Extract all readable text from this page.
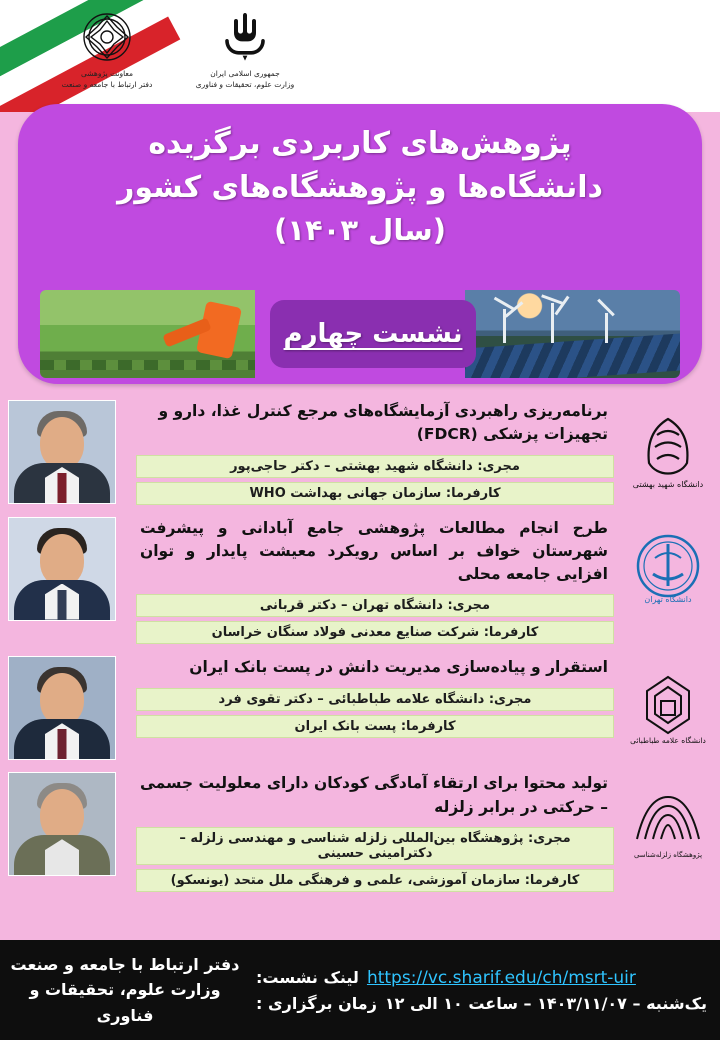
جمهوری اسلامی ایران
وزارت علوم، تحقیقات و فناوری
معاونت پژوهشی
دفتر ارتباط با جامعه و صنعت
پژوهش‌های کاربردی برگزیده
دانشگاه‌ها و پژوهشگاه‌های کشور
(سال ۱۴۰۳)
نشست چهارم
برنامه‌ریزی راهبردی آزمایشگاه‌های مرجع کنترل غذا، دارو و تجهیزات پزشکی (FDCR)
مجری: دانشگاه شهید بهشتی – دکتر حاجی‌پور
کارفرما: سازمان جهانی بهداشت WHO
دانشگاه شهید بهشتی
طرح انجام مطالعات پژوهشی جامع آبادانی و پیشرفت شهرستان خواف بر اساس رویکرد معیشت پایدار و توان افزایی جامعه محلی
مجری: دانشگاه تهران – دکتر قربانی
کارفرما: شرکت صنایع معدنی فولاد سنگان خراسان
دانشگاه تهران
استقرار و پیاده‌سازی مدیریت دانش در پست بانک ایران
مجری: دانشگاه علامه طباطبائی – دکتر تقوی فرد
کارفرما: پست بانک ایران
دانشگاه علامه طباطبائی
تولید محتوا برای ارتقاء آمادگی کودکان دارای معلولیت جسمی – حرکتی در برابر زلزله
مجری: پژوهشگاه بین‌المللی زلزله شناسی و مهندسی زلزله – دکترامینی حسینی
کارفرما: سازمان آموزشی، علمی و فرهنگی ملل متحد (یونسکو)
پژوهشگاه زلزله‌شناسی
دفتر ارتباط با جامعه و صنعت
وزارت علوم، تحقیقات و فناوری
لینک نشست: https://vc.sharif.edu/ch/msrt-uir
زمان برگزاری : یک‌شنبه – ۱۴۰۳/۱۱/۰۷ – ساعت ۱۰ الی ۱۲
